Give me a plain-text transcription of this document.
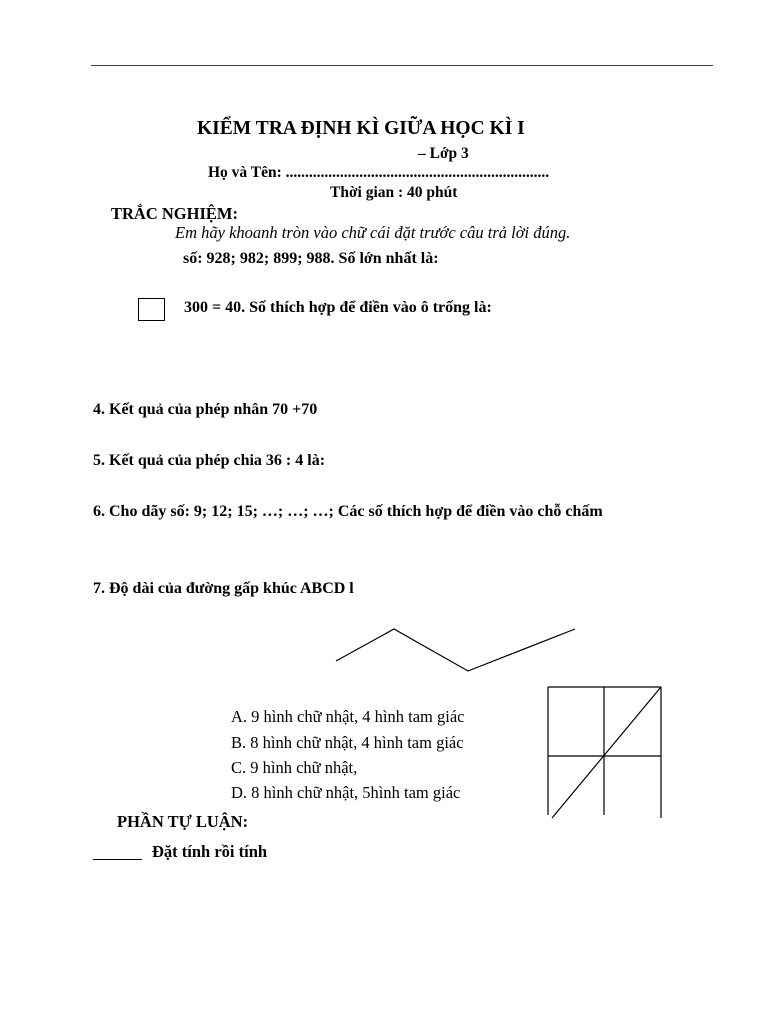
KIỂM TRA ĐỊNH KÌ GIỮA HỌC KÌ I
– Lớp 3
Họ và Tên: ....................................................................
Thời gian : 40 phút
TRẮC NGHIỆM:
Em hãy khoanh tròn vào chữ cái đặt trước câu trả lời đúng.
số: 928; 982; 899; 988. Số lớn nhất là:
300 = 40. Số thích hợp để điền vào ô trống là:
4. Kết quả của phép nhân 70 +70
5. Kết quả của phép chia 36 : 4 là:
6. Cho dãy số: 9; 12; 15; …; …; …; Các số thích hợp để điền vào chỗ chấm
7. Độ dài của đường gấp khúc ABCD l
A. 9 hình chữ nhật, 4 hình tam giác
B. 8 hình chữ nhật, 4 hình tam giác
C. 9 hình chữ nhật,
D. 8 hình chữ nhật, 5hình tam giác
PHẦN TỰ LUẬN:
Đặt tính rồi tính
